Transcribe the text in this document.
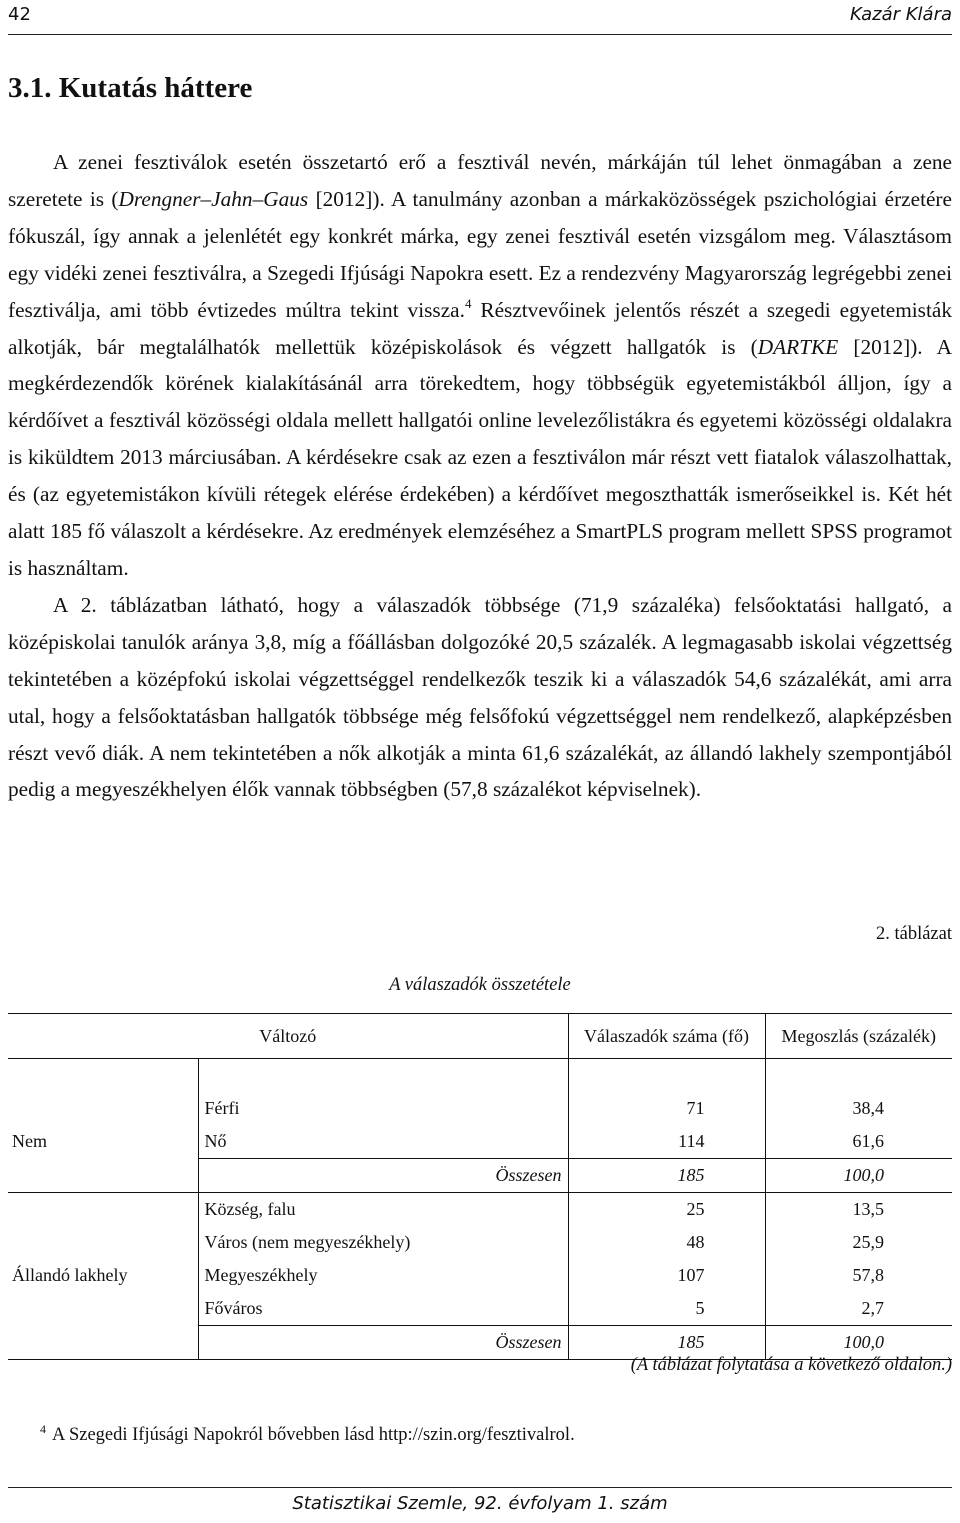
42	Kazár Klára
3.1. Kutatás háttere

A zenei fesztiválok esetén összetartó erő a fesztivál nevén, márkáján túl lehet önmagában a zene szeretete is (Drengner–Jahn–Gaus [2012]). A tanulmány azonban a márkaközösségek pszichológiai érzetére fókuszál, így annak a jelenlétét egy konkrét márka, egy zenei fesztivál esetén vizsgálom meg. Választásom egy vidéki zenei fesztiválra, a Szegedi Ifjúsági Napokra esett. Ez a rendezvény Magyarország legrégebbi zenei fesztiválja, ami több évtizedes múltra tekint vissza.$^4$ Résztvevőinek jelentős részét a szegedi egyetemisták alkotják, bár megtalálhatók mellettük középiskolások és végzett hallgatók is (DARTKE [2012]). A megkérdezendők körének kialakításánál arra törekedtem, hogy többségük egyetemistákból álljon, így a kérdőívet a fesztivál közösségi oldala mellett hallgatói online levelezőlistákra és egyetemi közösségi oldalakra is kiküldtem 2013 márciusában. A kérdésekre csak az ezen a fesztiválon már részt vett fiatalok válaszolhattak, és (az egyetemistákon kívüli rétegek elérése érdekében) a kérdőívet megoszthatták ismerőseikkel is. Két hét alatt 185 fő válaszolt a kérdésekre. Az eredmények elemzéséhez a SmartPLS program mellett SPSS programot is használtam.

A 2. táblázatban látható, hogy a válaszadók többsége (71,9 százaléka) felsőoktatási hallgató, a középiskolai tanulók aránya 3,8, míg a főállásban dolgozóké 20,5 százalék. A legmagasabb iskolai végzettség tekintetében a középfokú iskolai végzettséggel rendelkezők teszik ki a válaszadók 54,6 százalékát, ami arra utal, hogy a felsőoktatásban hallgatók többsége még felsőfokú végzettséggel nem rendelkező, alapképzésben részt vevő diák. A nem tekintetében a nők alkotják a minta 61,6 százalékát, az állandó lakhely szempontjából pedig a megyeszékhelyen élők vannak többségben (57,8 százalékot képviselnek).

2. táblázat

A válaszadók összetétele

Változó		Válaszadók száma (fő)	Megoszlás (százalék)

	Férfi	71	38,4
Nem	Nő	114	61,6
	Összesen	185	100,0
	Község, falu	25	13,5
	Város (nem megyeszékhely)	48	25,9
Állandó lakhely	Megyeszékhely	107	57,8
	Főváros	5	2,7
	Összesen	185	100,0
(A táblázat folytatása a következő oldalon.)
$^4$ A Szegedi Ifjúsági Napokról bővebben lásd http://szin.org/fesztivalrol.
Statisztikai Szemle, 92. évfolyam 1. szám
